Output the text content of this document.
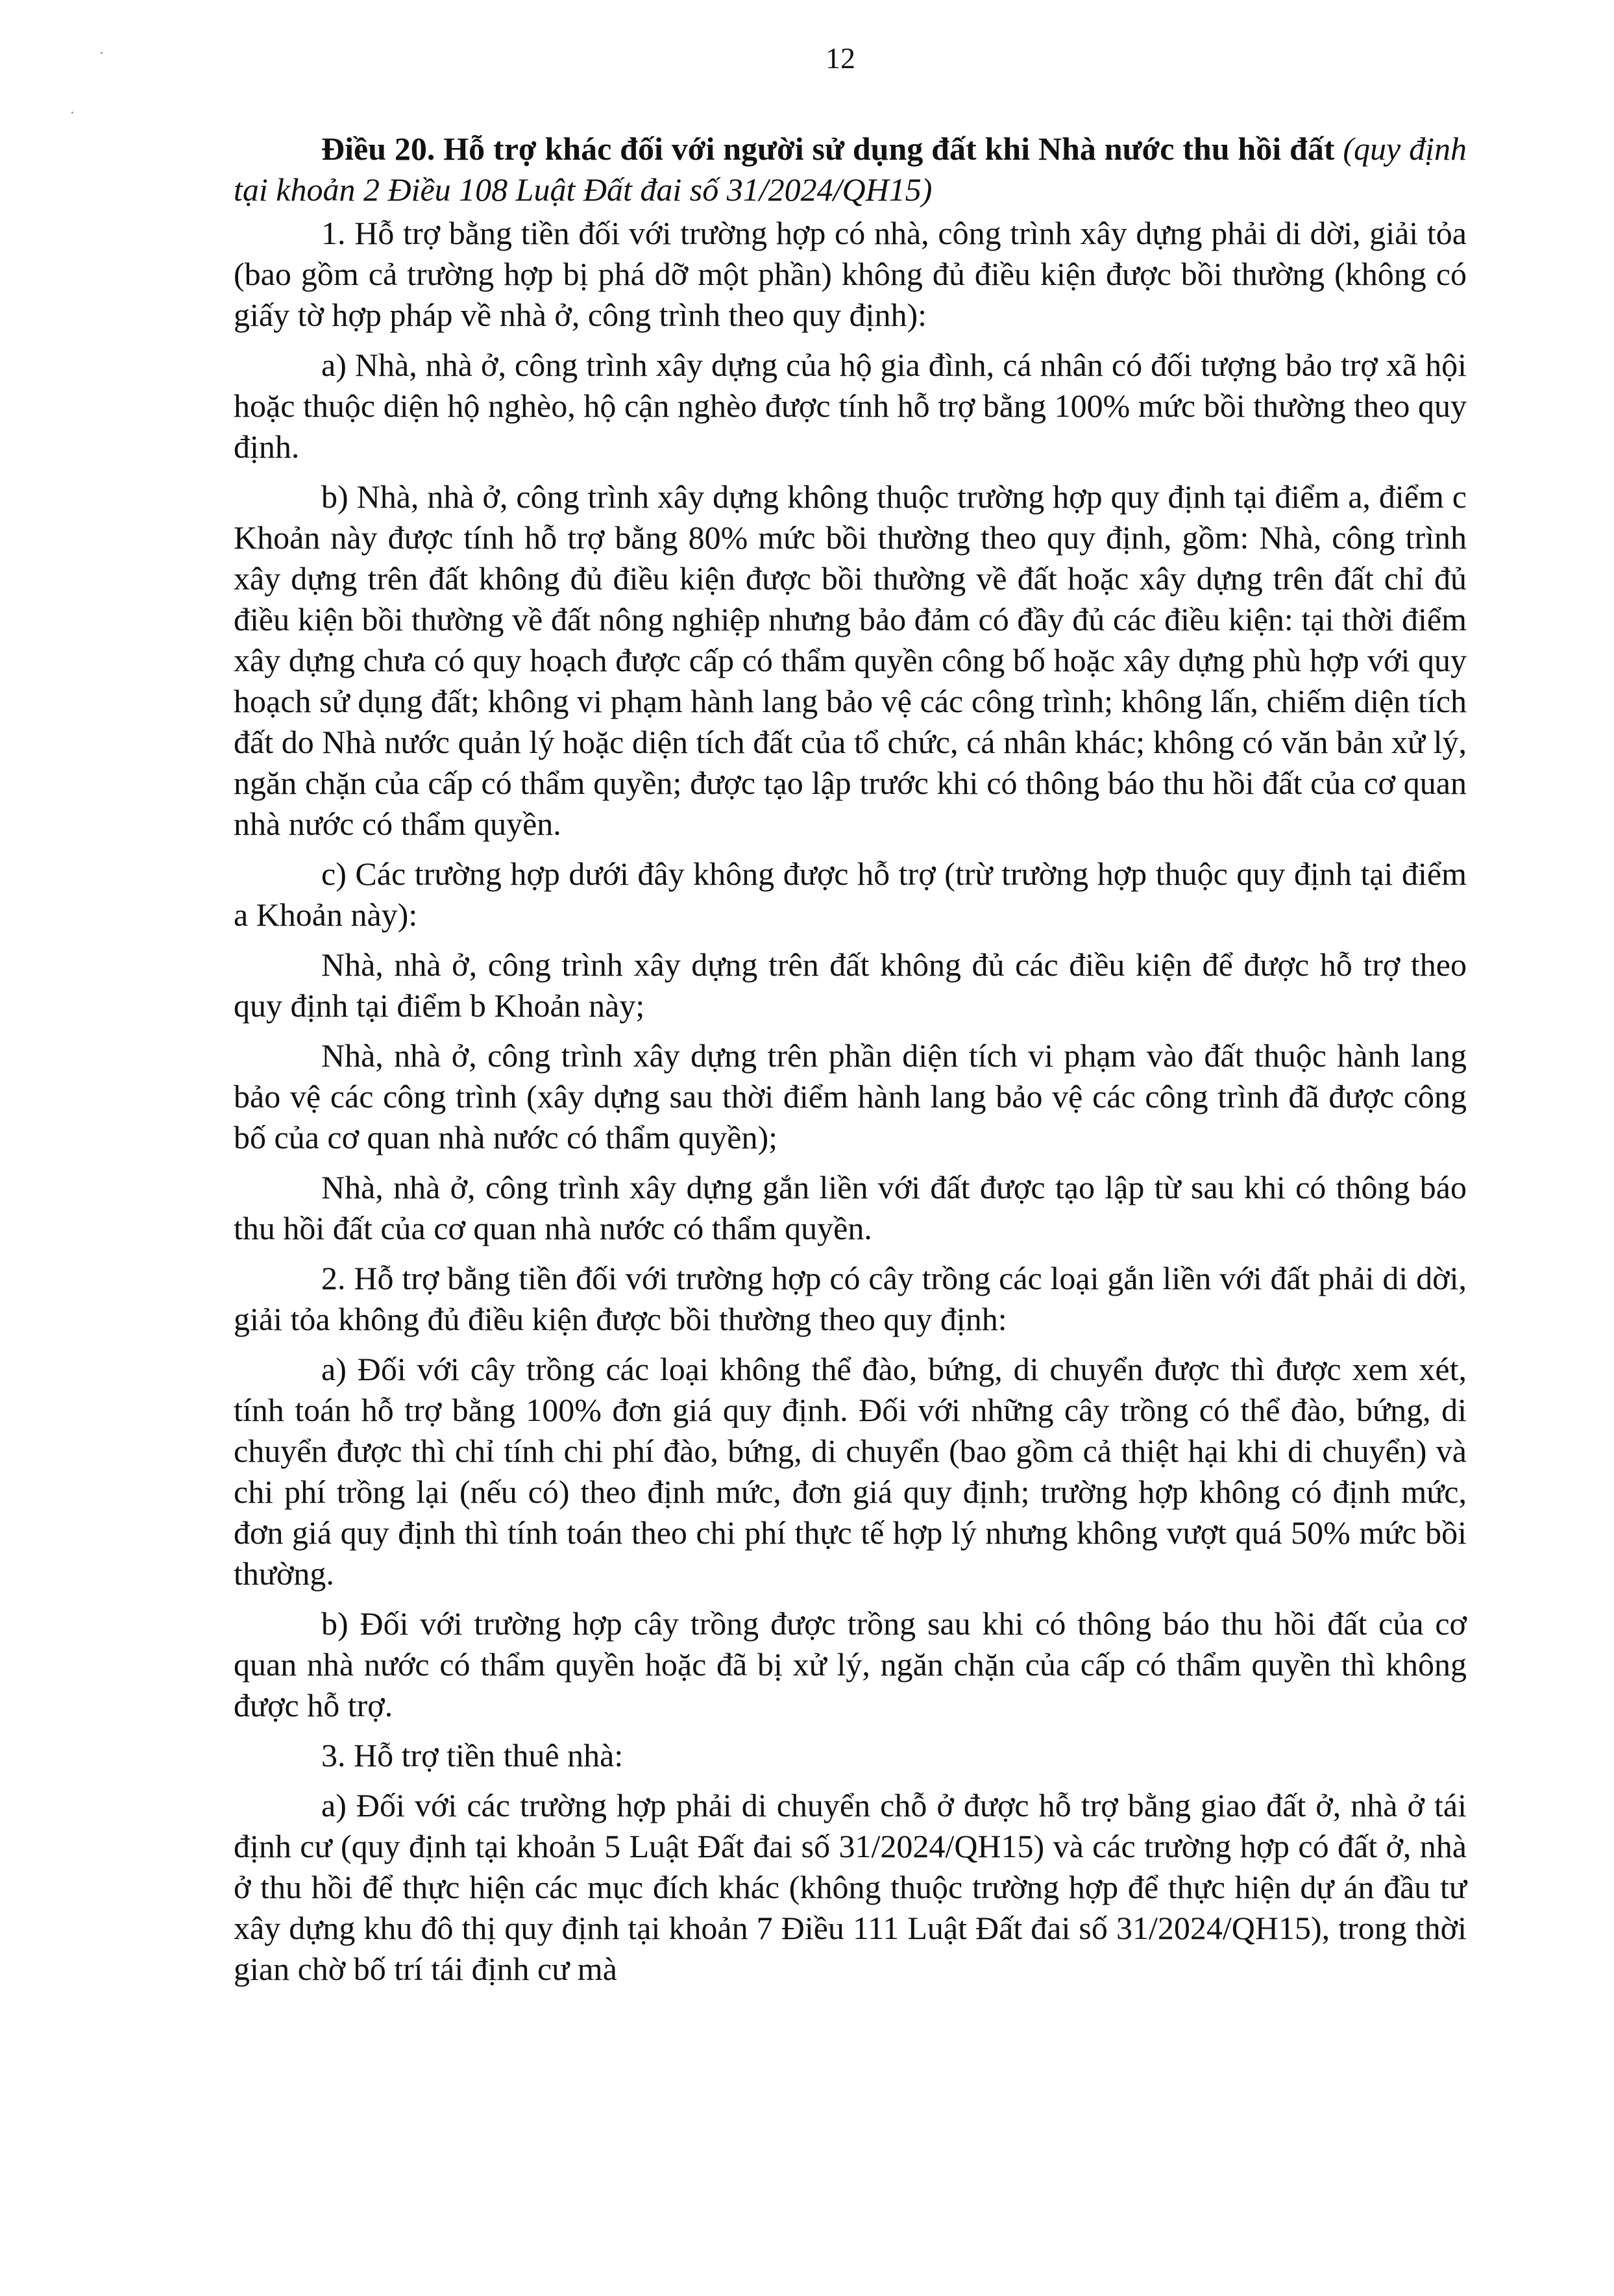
12
Điều 20. Hỗ trợ khác đối với người sử dụng đất khi Nhà nước thu hồi đất (quy định tại khoản 2 Điều 108 Luật Đất đai số 31/2024/QH15)

1. Hỗ trợ bằng tiền đối với trường hợp có nhà, công trình xây dựng phải di dời, giải tỏa (bao gồm cả trường hợp bị phá dỡ một phần) không đủ điều kiện được bồi thường (không có giấy tờ hợp pháp về nhà ở, công trình theo quy định):

a) Nhà, nhà ở, công trình xây dựng của hộ gia đình, cá nhân có đối tượng bảo trợ xã hội hoặc thuộc diện hộ nghèo, hộ cận nghèo được tính hỗ trợ bằng 100% mức bồi thường theo quy định.

b) Nhà, nhà ở, công trình xây dựng không thuộc trường hợp quy định tại điểm a, điểm c Khoản này được tính hỗ trợ bằng 80% mức bồi thường theo quy định, gồm: Nhà, công trình xây dựng trên đất không đủ điều kiện được bồi thường về đất hoặc xây dựng trên đất chỉ đủ điều kiện bồi thường về đất nông nghiệp nhưng bảo đảm có đầy đủ các điều kiện: tại thời điểm xây dựng chưa có quy hoạch được cấp có thẩm quyền công bố hoặc xây dựng phù hợp với quy hoạch sử dụng đất; không vi phạm hành lang bảo vệ các công trình; không lấn, chiếm diện tích đất do Nhà nước quản lý hoặc diện tích đất của tổ chức, cá nhân khác; không có văn bản xử lý, ngăn chặn của cấp có thẩm quyền; được tạo lập trước khi có thông báo thu hồi đất của cơ quan nhà nước có thẩm quyền.

c) Các trường hợp dưới đây không được hỗ trợ (trừ trường hợp thuộc quy định tại điểm a Khoản này):

Nhà, nhà ở, công trình xây dựng trên đất không đủ các điều kiện để được hỗ trợ theo quy định tại điểm b Khoản này;

Nhà, nhà ở, công trình xây dựng trên phần diện tích vi phạm vào đất thuộc hành lang bảo vệ các công trình (xây dựng sau thời điểm hành lang bảo vệ các công trình đã được công bố của cơ quan nhà nước có thẩm quyền);

Nhà, nhà ở, công trình xây dựng gắn liền với đất được tạo lập từ sau khi có thông báo thu hồi đất của cơ quan nhà nước có thẩm quyền.

2. Hỗ trợ bằng tiền đối với trường hợp có cây trồng các loại gắn liền với đất phải di dời, giải tỏa không đủ điều kiện được bồi thường theo quy định:

a) Đối với cây trồng các loại không thể đào, bứng, di chuyển được thì được xem xét, tính toán hỗ trợ bằng 100% đơn giá quy định. Đối với những cây trồng có thể đào, bứng, di chuyển được thì chỉ tính chi phí đào, bứng, di chuyển (bao gồm cả thiệt hại khi di chuyển) và chi phí trồng lại (nếu có) theo định mức, đơn giá quy định; trường hợp không có định mức, đơn giá quy định thì tính toán theo chi phí thực tế hợp lý nhưng không vượt quá 50% mức bồi thường.

b) Đối với trường hợp cây trồng được trồng sau khi có thông báo thu hồi đất của cơ quan nhà nước có thẩm quyền hoặc đã bị xử lý, ngăn chặn của cấp có thẩm quyền thì không được hỗ trợ.

3. Hỗ trợ tiền thuê nhà:

a) Đối với các trường hợp phải di chuyển chỗ ở được hỗ trợ bằng giao đất ở, nhà ở tái định cư (quy định tại khoản 5 Luật Đất đai số 31/2024/QH15) và các trường hợp có đất ở, nhà ở thu hồi để thực hiện các mục đích khác (không thuộc trường hợp để thực hiện dự án đầu tư xây dựng khu đô thị quy định tại khoản 7 Điều 111 Luật Đất đai số 31/2024/QH15), trong thời gian chờ bố trí tái định cư mà
